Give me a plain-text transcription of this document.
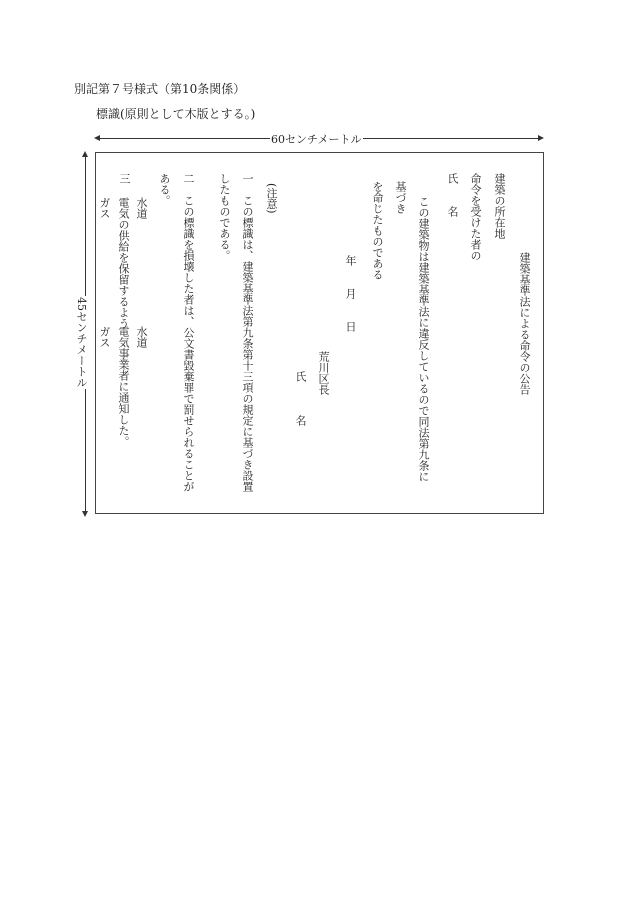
別記第７号様式（第10条関係）
標識(原則として木版とする。)
60センチメートル
45センチメートル	建築基準法による命令の公告
建築の所在地
命令を受けた者の
氏　　名
この建築物は建築基準法に違反しているので同法第九条に
基づき
を命じたものである
年　　月　　日
荒川区長
氏　　　名
(注意)
一　この標識は、建築基準法第九条第十三項の規定に基づき設置
したものである。
二　この標識を損壊した者は、公文書毀棄罪で罰せられることが
ある。
水道
三
電気の供給を保留するよう
ガス
水道
電気事業者に通知した。
ガス
